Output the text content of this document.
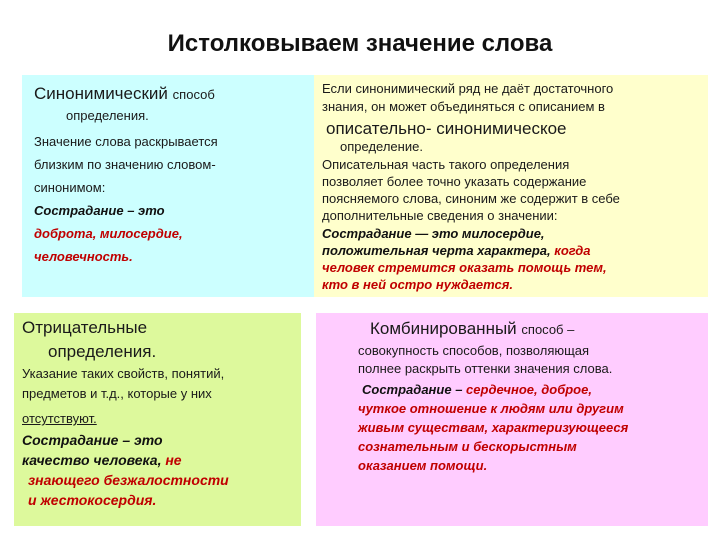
Истолковываем значение слова
Синонимический способ
определения.
Значение слова раскрывается
близким по значению словом-
синонимом:
Сострадание – это
доброта, милосердие,
человечность.
Если синонимический ряд не даёт достаточного
знания, он может объединяться с описанием в
описательно- синонимическое
определение.
Описательная часть такого определения
позволяет более точно указать содержание
поясняемого слова, синоним же содержит в себе
дополнительные сведения о значении:
Сострадание — это милосердие,
положительная черта характера, когда
человек стремится оказать помощь тем,
кто в ней остро нуждается.
Отрицательные
определения.
Указание таких свойств, понятий,
предметов и т.д., которые у них
отсутствуют.
Сострадание – это
качество человека, не
знающего безжалостности
и жестокосердия.
Комбинированный способ –
совокупность способов, позволяющая
полнее раскрыть оттенки значения слова.
Сострадание – сердечное, доброе,
чуткое отношение к людям или другим
живым существам, характеризующееся
сознательным и бескорыстным
оказанием помощи.
